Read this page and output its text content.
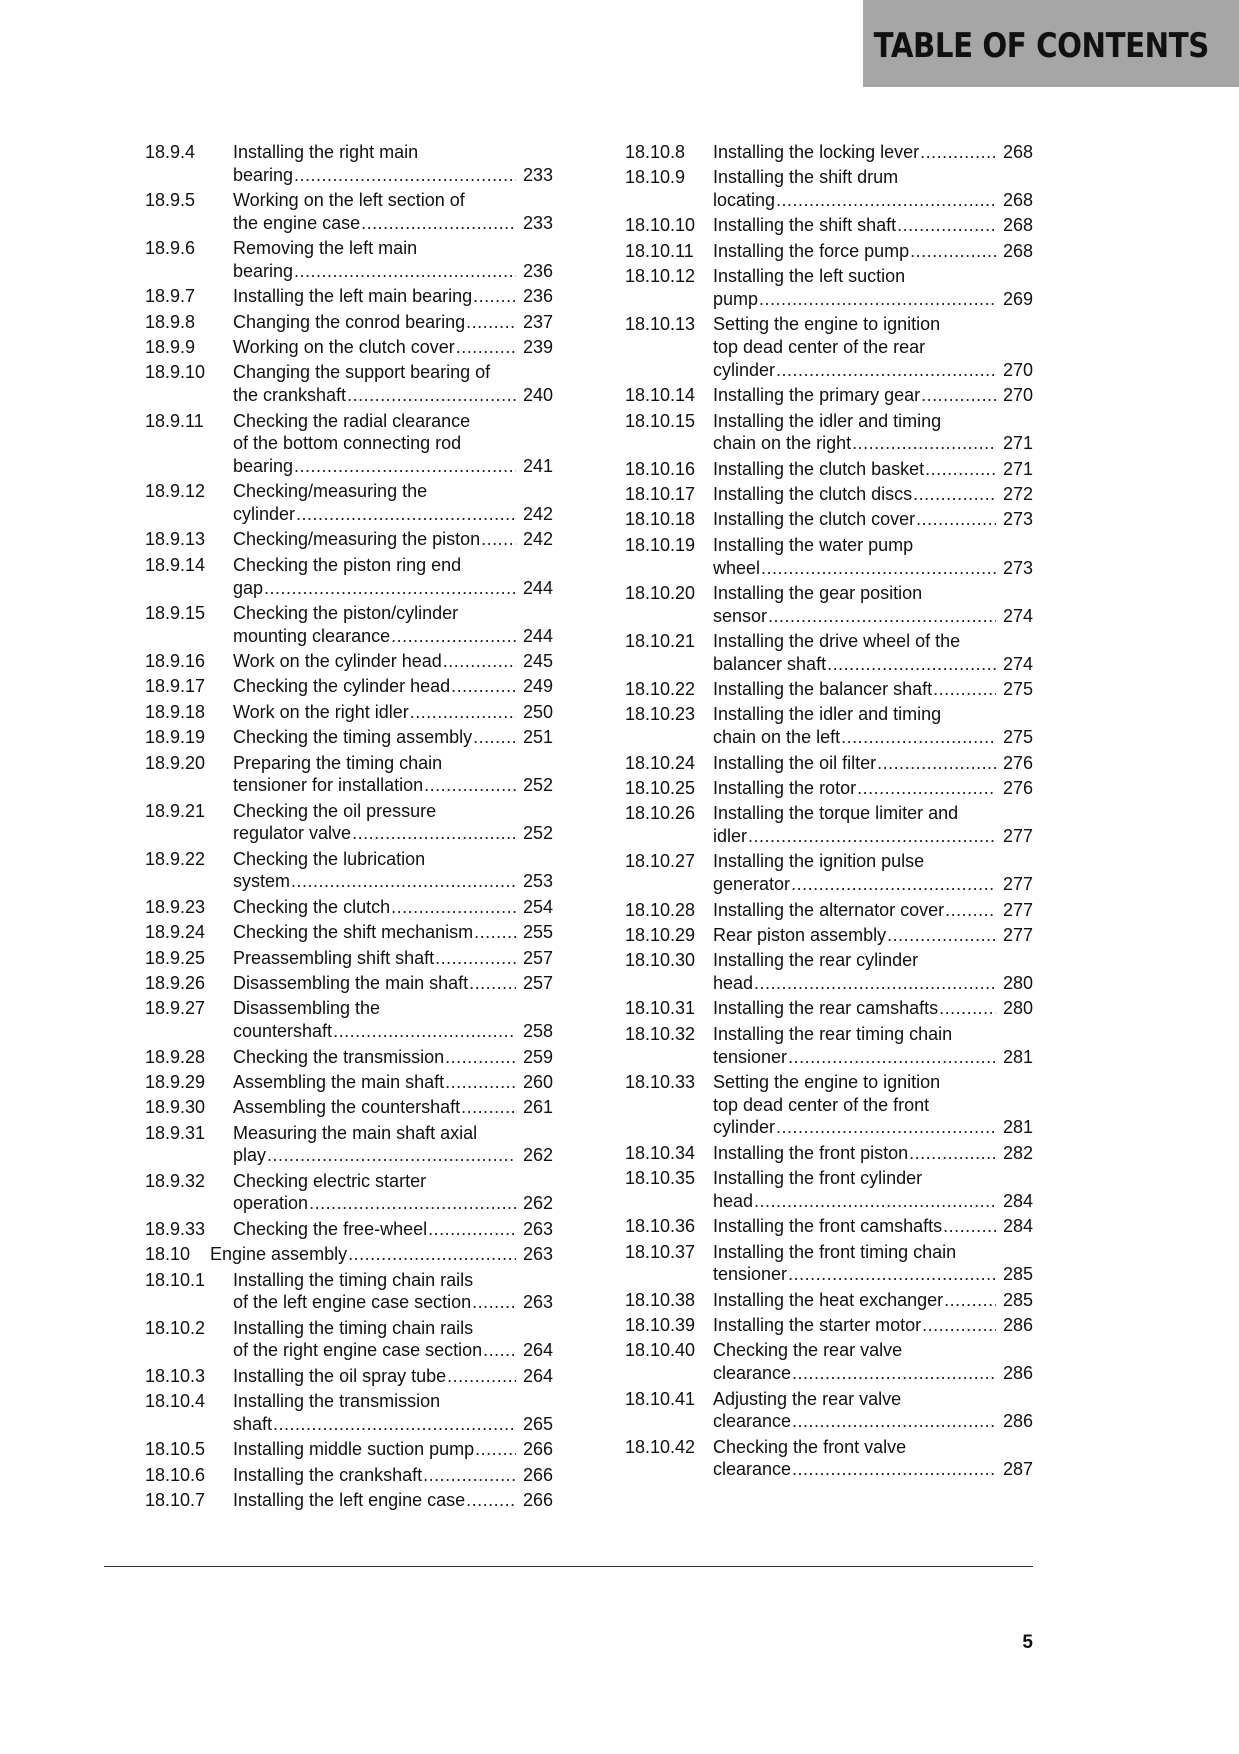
TABLE OF CONTENTS
18.9.4 Installing the right main
bearing .....	233
18.9.5 Working on the left section of
the engine case .....	233
18.9.6 Removing the left main
bearing .....	236
18.9.7 Installing the left main bearing .....	236
18.9.8 Changing the conrod bearing .....	237
18.9.9 Working on the clutch cover .....	239
18.9.10 Changing the support bearing of
the crankshaft .....	240
18.9.11 Checking the radial clearance
of the bottom connecting rod
bearing .....	241
18.9.12 Checking/measuring the
cylinder .....	242
18.9.13 Checking/measuring the piston ..... 242
18.9.14 Checking the piston ring end
gap .....	244
18.9.15 Checking the piston/cylinder
mounting clearance .....	244
18.9.16 Work on the cylinder head .....	245
18.9.17 Checking the cylinder head .....	249
18.9.18 Work on the right idler .....	250
18.9.19 Checking the timing assembly .....	251
18.9.20 Preparing the timing chain
tensioner for installation .....	252
18.9.21 Checking the oil pressure
regulator valve .....	252
18.9.22 Checking the lubrication
system .....	253
18.9.23 Checking the clutch .....	254
18.9.24 Checking the shift mechanism .....	255
18.9.25 Preassembling shift shaft .....	257
18.9.26 Disassembling the main shaft .....	257
18.9.27 Disassembling the
countershaft .....	258
18.9.28 Checking the transmission .....	259
18.9.29 Assembling the main shaft .....	260
18.9.30 Assembling the countershaft .....	261
18.9.31 Measuring the main shaft axial
play .....	262
18.9.32 Checking electric starter
operation .....	262
18.9.33 Checking the free-wheel .....	263
18.10 Engine assembly .....	263
18.10.1 Installing the timing chain rails
of the left engine case section .....	263
18.10.2 Installing the timing chain rails
of the right engine case section ..... 264
18.10.3 Installing the oil spray tube .....	264
18.10.4 Installing the transmission
shaft .....	265
18.10.5 Installing middle suction pump .....	266
18.10.6 Installing the crankshaft .....	266
18.10.7 Installing the left engine case .....	266
18.10.8 Installing the locking lever .....	268
18.10.9 Installing the shift drum
locating .....	268
18.10.10 Installing the shift shaft .....	268
18.10.11 Installing the force pump .....	268
18.10.12 Installing the left suction
pump .....	269
18.10.13 Setting the engine to ignition
top dead center of the rear
cylinder .....	270
18.10.14 Installing the primary gear .....	270
18.10.15 Installing the idler and timing
chain on the right .....	271
18.10.16 Installing the clutch basket .....	271
18.10.17 Installing the clutch discs .....	272
18.10.18 Installing the clutch cover .....	273
18.10.19 Installing the water pump
wheel .....	273
18.10.20 Installing the gear position
sensor .....	274
18.10.21 Installing the drive wheel of the
balancer shaft .....	274
18.10.22 Installing the balancer shaft .....	275
18.10.23 Installing the idler and timing
chain on the left .....	275
18.10.24 Installing the oil filter .....	276
18.10.25 Installing the rotor .....	276
18.10.26 Installing the torque limiter and
idler .....	277
18.10.27 Installing the ignition pulse
generator .....	277
18.10.28 Installing the alternator cover .....	277
18.10.29 Rear piston assembly .....	277
18.10.30 Installing the rear cylinder
head .....	280
18.10.31 Installing the rear camshafts .....	280
18.10.32 Installing the rear timing chain
tensioner .....	281
18.10.33 Setting the engine to ignition
top dead center of the front
cylinder .....	281
18.10.34 Installing the front piston .....	282
18.10.35 Installing the front cylinder
head .....	284
18.10.36 Installing the front camshafts .....	284
18.10.37 Installing the front timing chain
tensioner .....	285
18.10.38 Installing the heat exchanger .....	285
18.10.39 Installing the starter motor .....	286
18.10.40 Checking the rear valve
clearance .....	286
18.10.41 Adjusting the rear valve
clearance .....	286
18.10.42 Checking the front valve
clearance .....	287
5
